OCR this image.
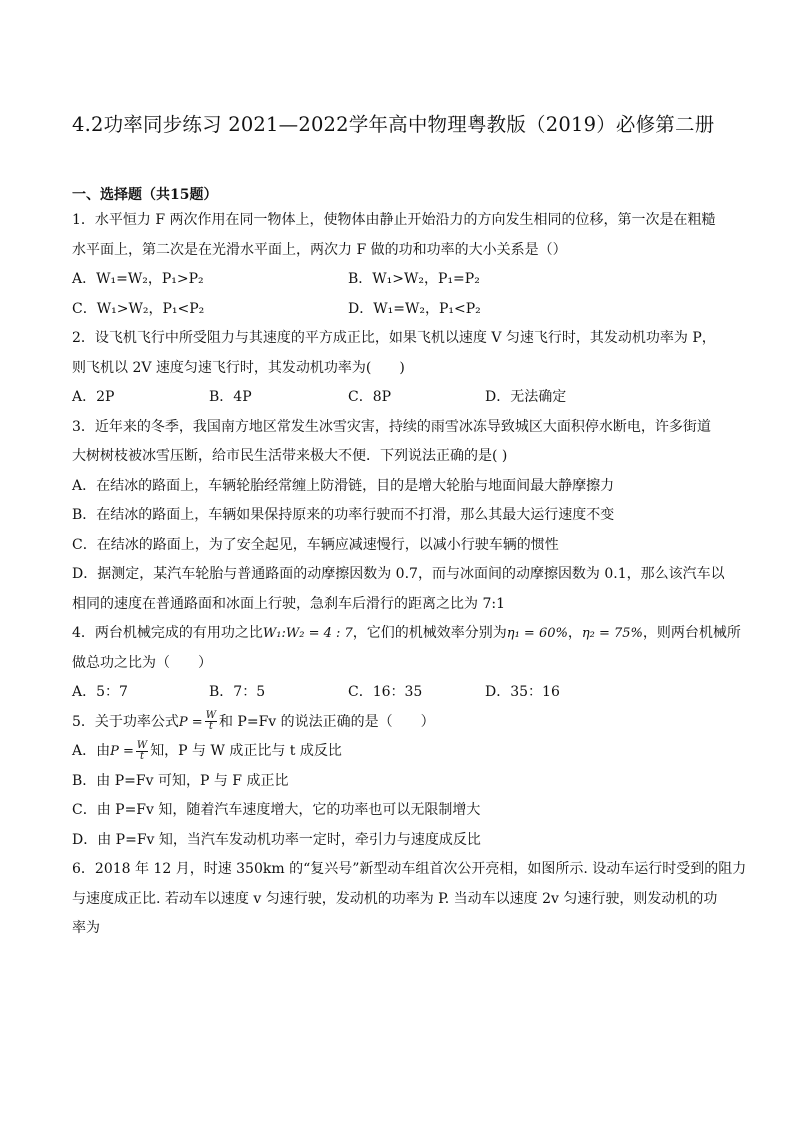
4.2功率同步练习 2021—2022学年高中物理粤教版（2019）必修第二册
一、选择题（共15题）
1．水平恒力 F 两次作用在同一物体上，使物体由静止开始沿力的方向发生相同的位移，第一次是在粗糙
水平面上，第二次是在光滑水平面上，两次力 F 做的功和功率的大小关系是（）
A．W₁=W₂，P₁>P₂	B．W₁>W₂，P₁=P₂
C．W₁>W₂，P₁<P₂	D．W₁=W₂，P₁<P₂
2．设飞机飞行中所受阻力与其速度的平方成正比，如果飞机以速度 V 匀速飞行时，其发动机功率为 P，
则飞机以 2V 速度匀速飞行时，其发动机功率为(　　)
A．2P	B．4P	C．8P	D．无法确定
3．近年来的冬季，我国南方地区常发生冰雪灾害，持续的雨雪冰冻导致城区大面积停水断电，许多街道
大树树枝被冰雪压断，给市民生活带来极大不便．下列说法正确的是( )
A．在结冰的路面上，车辆轮胎经常缠上防滑链，目的是增大轮胎与地面间最大静摩擦力
B．在结冰的路面上，车辆如果保持原来的功率行驶而不打滑，那么其最大运行速度不变
C．在结冰的路面上，为了安全起见，车辆应减速慢行，以减小行驶车辆的惯性
D．据测定，某汽车轮胎与普通路面的动摩擦因数为 0.7，而与冰面间的动摩擦因数为 0.1，那么该汽车以
相同的速度在普通路面和冰面上行驶，急刹车后滑行的距离之比为 7:1
4．两台机械完成的有用功之比W₁:W₂ = 4 : 7，它们的机械效率分别为η₁ = 60%，η₂ = 75%，则两台机械所
做总功之比为（　　）
A．5：7	B．7：5	C．16：35	D．35：16
5．关于功率公式$P = \frac{W}{t}$ 和 P=Fv 的说法正确的是（　　）
A．由$P = \frac{W}{t}$ 知，P 与 W 成正比与 t 成反比
B．由 P=Fv 可知，P 与 F 成正比
C．由 P=Fv 知，随着汽车速度增大，它的功率也可以无限制增大
D．由 P=Fv 知，当汽车发动机功率一定时，牵引力与速度成反比
6．2018 年 12 月，时速 350km 的“复兴号”新型动车组首次公开亮相，如图所示. 设动车运行时受到的阻力
与速度成正比. 若动车以速度 v 匀速行驶，发动机的功率为 P. 当动车以速度 2v 匀速行驶，则发动机的功
率为
